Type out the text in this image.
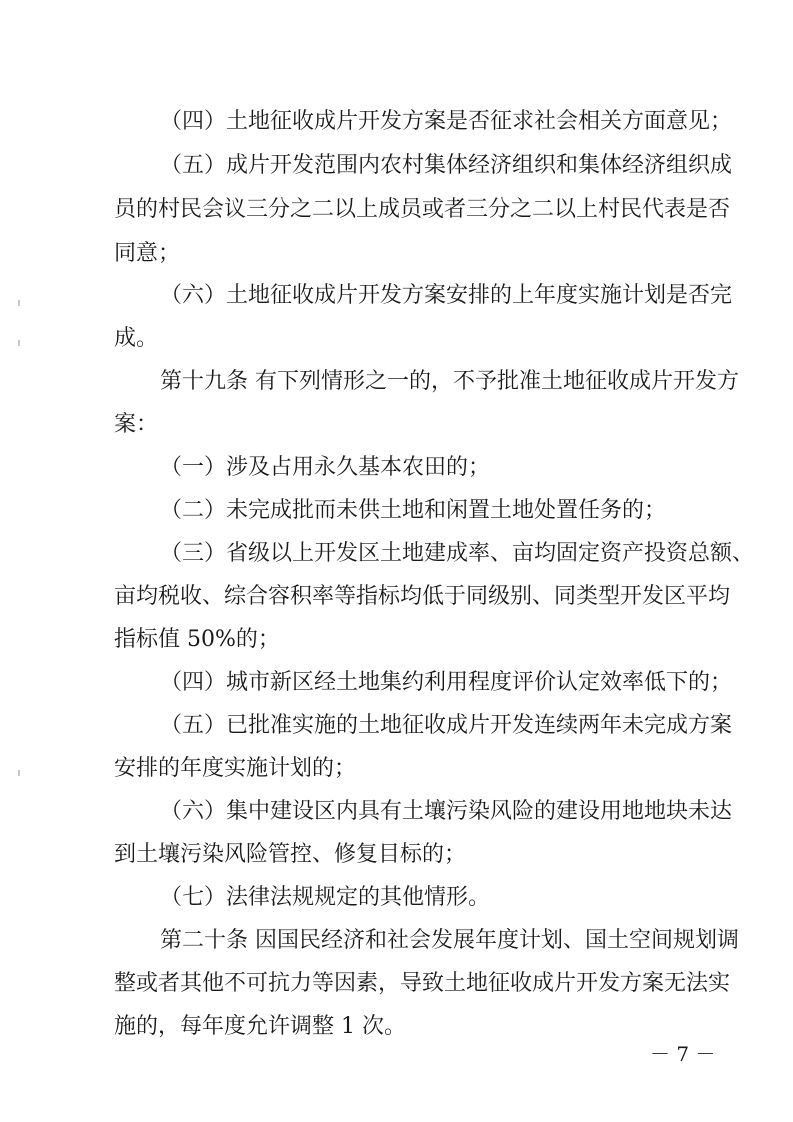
（四）土地征收成片开发方案是否征求社会相关方面意见；
（五）成片开发范围内农村集体经济组织和集体经济组织成
员的村民会议三分之二以上成员或者三分之二以上村民代表是否
同意；
（六）土地征收成片开发方案安排的上年度实施计划是否完
成。
第十九条 有下列情形之一的，不予批准土地征收成片开发方
案：
（一）涉及占用永久基本农田的；
（二）未完成批而未供土地和闲置土地处置任务的；
（三）省级以上开发区土地建成率、亩均固定资产投资总额、
亩均税收、综合容积率等指标均低于同级别、同类型开发区平均
指标值 50%的；
（四）城市新区经土地集约利用程度评价认定效率低下的；
（五）已批准实施的土地征收成片开发连续两年未完成方案
安排的年度实施计划的；
（六）集中建设区内具有土壤污染风险的建设用地地块未达
到土壤污染风险管控、修复目标的；
（七）法律法规规定的其他情形。
第二十条 因国民经济和社会发展年度计划、国土空间规划调
整或者其他不可抗力等因素，导致土地征收成片开发方案无法实
施的，每年度允许调整 1 次。
－ 7 －
